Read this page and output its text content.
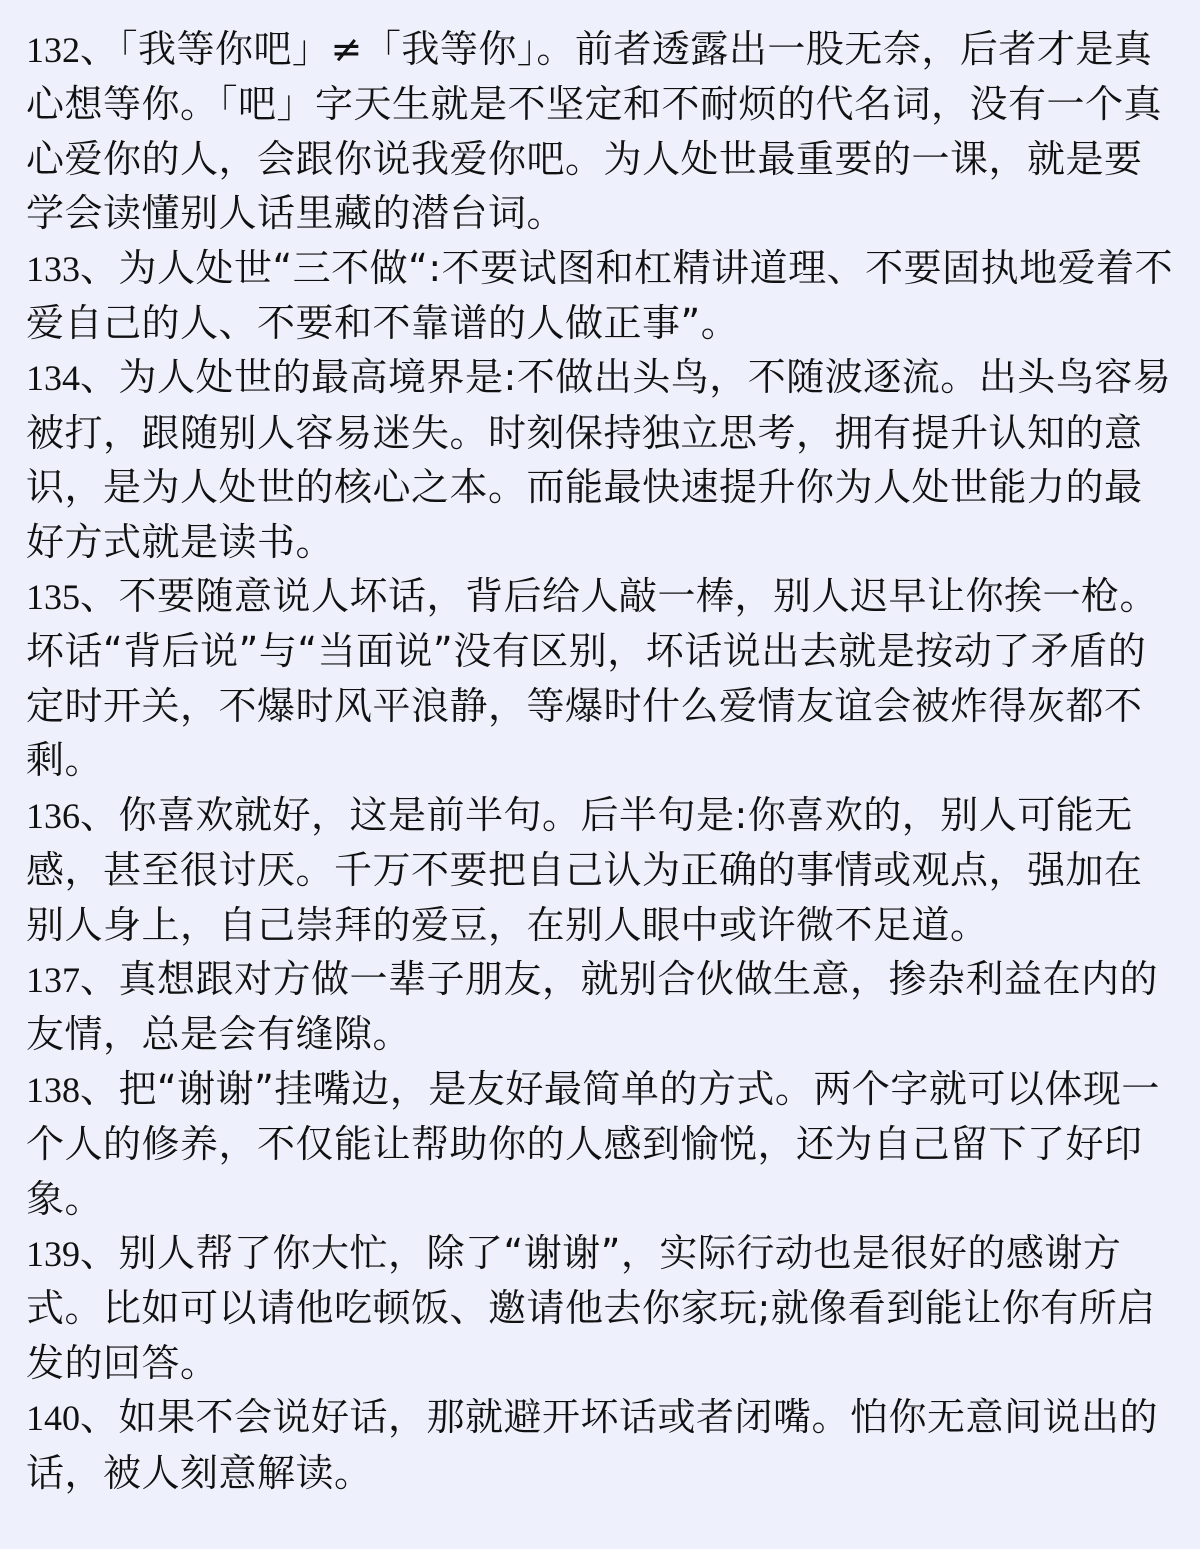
132、「我等你吧」≠「我等你」。前者透露出一股无奈，后者才是真心想等你。「吧」字天生就是不坚定和不耐烦的代名词，没有一个真心爱你的人，会跟你说我爱你吧。为人处世最重要的一课，就是要学会读懂别人话里藏的潜台词。

133、为人处世“三不做“:不要试图和杠精讲道理、不要固执地爱着不爱自己的人、不要和不靠谱的人做正事”。

134、为人处世的最高境界是:不做出头鸟，不随波逐流。出头鸟容易被打，跟随别人容易迷失。时刻保持独立思考，拥有提升认知的意识，是为人处世的核心之本。而能最快速提升你为人处世能力的最好方式就是读书。

135、不要随意说人坏话，背后给人敲一棒，别人迟早让你挨一枪。坏话“背后说”与“当面说”没有区别，坏话说出去就是按动了矛盾的定时开关，不爆时风平浪静，等爆时什么爱情友谊会被炸得灰都不剩。

136、你喜欢就好，这是前半句。后半句是:你喜欢的，别人可能无感，甚至很讨厌。千万不要把自己认为正确的事情或观点，强加在别人身上，自己崇拜的爱豆，在别人眼中或许微不足道。

137、真想跟对方做一辈子朋友，就别合伙做生意，掺杂利益在内的友情，总是会有缝隙。

138、把“谢谢”挂嘴边，是友好最简单的方式。两个字就可以体现一个人的修养，不仅能让帮助你的人感到愉悦，还为自己留下了好印象。

139、别人帮了你大忙，除了“谢谢”，实际行动也是很好的感谢方式。比如可以请他吃顿饭、邀请他去你家玩;就像看到能让你有所启发的回答。

140、如果不会说好话，那就避开坏话或者闭嘴。怕你无意间说出的话，被人刻意解读。
